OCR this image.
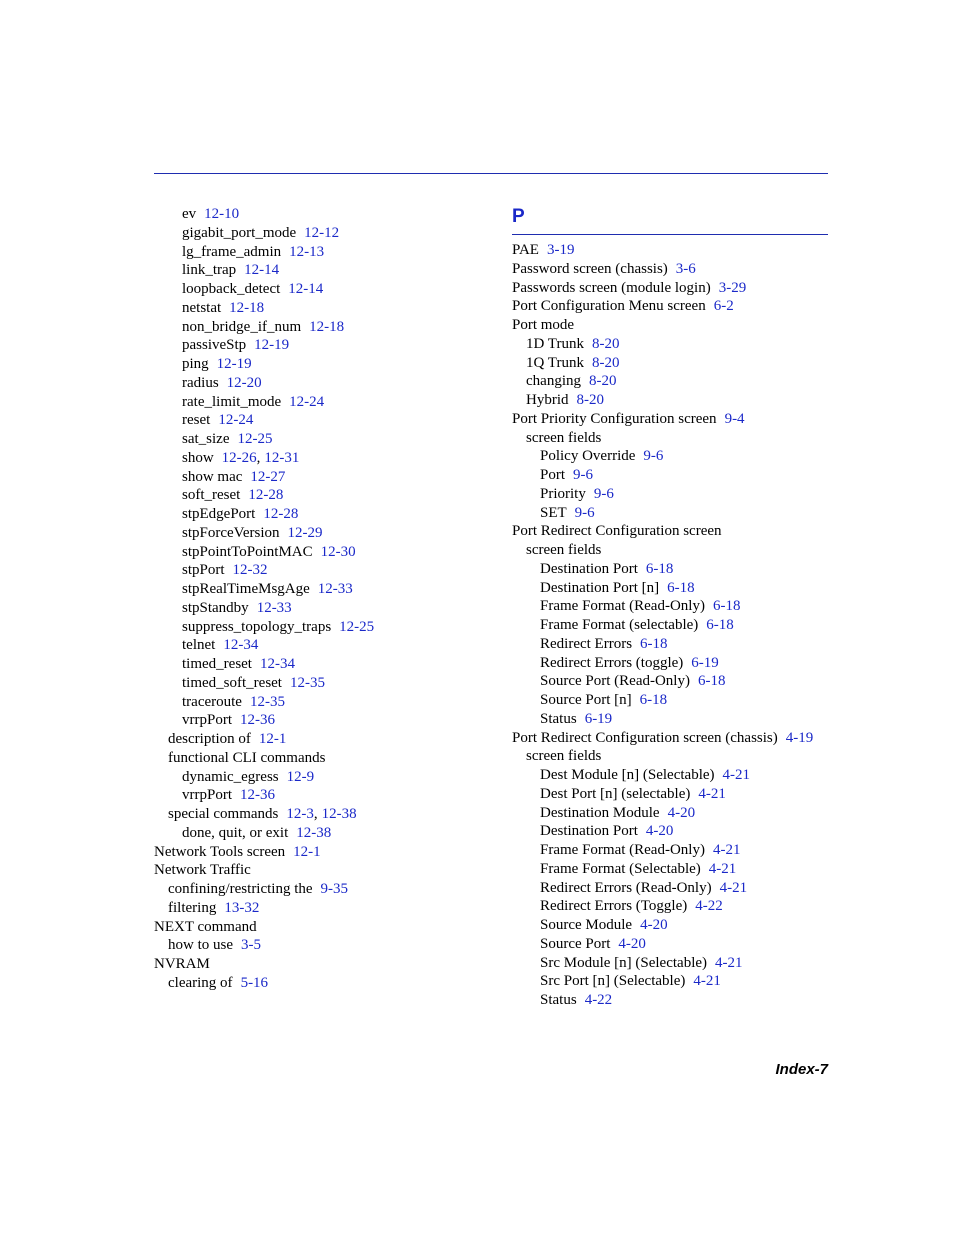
ev 12-10
gigabit_port_mode 12-12
lg_frame_admin 12-13
link_trap 12-14
loopback_detect 12-14
netstat 12-18
non_bridge_if_num 12-18
passiveStp 12-19
ping 12-19
radius 12-20
rate_limit_mode 12-24
reset 12-24
sat_size 12-25
show 12-26, 12-31
show mac 12-27
soft_reset 12-28
stpEdgePort 12-28
stpForceVersion 12-29
stpPointToPointMAC 12-30
stpPort 12-32
stpRealTimeMsgAge 12-33
stpStandby 12-33
suppress_topology_traps 12-25
telnet 12-34
timed_reset 12-34
timed_soft_reset 12-35
traceroute 12-35
vrrpPort 12-36
description of 12-1
functional CLI commands
dynamic_egress 12-9
vrrpPort 12-36
special commands 12-3, 12-38
done, quit, or exit 12-38
Network Tools screen 12-1
Network Traffic
confining/restricting the 9-35
filtering 13-32
NEXT command
how to use 3-5
NVRAM
clearing of 5-16
P
PAE 3-19
Password screen (chassis) 3-6
Passwords screen (module login) 3-29
Port Configuration Menu screen 6-2
Port mode
1D Trunk 8-20
1Q Trunk 8-20
changing 8-20
Hybrid 8-20
Port Priority Configuration screen 9-4
screen fields
Policy Override 9-6
Port 9-6
Priority 9-6
SET 9-6
Port Redirect Configuration screen
screen fields
Destination Port 6-18
Destination Port [n] 6-18
Frame Format (Read-Only) 6-18
Frame Format (selectable) 6-18
Redirect Errors 6-18
Redirect Errors (toggle) 6-19
Source Port (Read-Only) 6-18
Source Port [n] 6-18
Status 6-19
Port Redirect Configuration screen (chassis) 4-19
screen fields
Dest Module [n] (Selectable) 4-21
Dest Port [n] (selectable) 4-21
Destination Module 4-20
Destination Port 4-20
Frame Format (Read-Only) 4-21
Frame Format (Selectable) 4-21
Redirect Errors (Read-Only) 4-21
Redirect Errors (Toggle) 4-22
Source Module 4-20
Source Port 4-20
Src Module [n] (Selectable) 4-21
Src Port [n] (Selectable) 4-21
Status 4-22
Index-7
